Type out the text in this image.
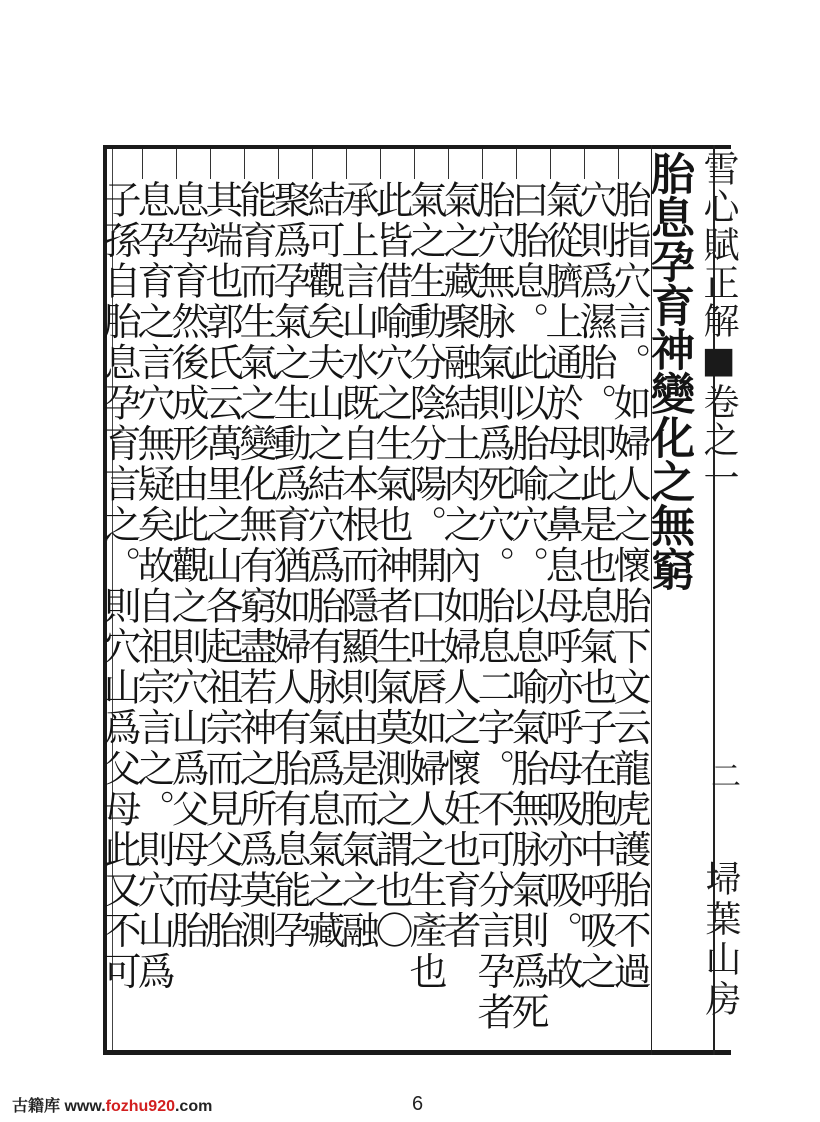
胎息孕育神變化之無窮
胎指穴言。如婦人之懷胎下文云龍虎護胎不過
穴則爲濕胎。即此是也息氣也子在胞中呼吸之
氣從臍上通於母之鼻息母呼亦呼母吸亦吸。故
曰胎息。此以胎喻穴。以息喻氣胎無脉氣則爲死
胎穴無脉氣則爲死穴。胎息二字。不可分言孕者
氣之藏聚融結土肉之內如婦人之懷妊也育者
氣之生動分陰分陽。開口吐唇如婦人之生產也
此皆借喻穴之生氣也神者生氣莫測之謂也〇
承上言山水既自本根而隱顯則由是而氣之融
結可觀矣夫山之結穴爲胎有脉氣爲息氣之藏
聚爲孕氣之生動爲育猶如婦人有胎有息能孕
能育而生氣之變化無有窮盡若神之所爲莫測
其端也郭氏云萬里之山各起祖宗而見父母胎
息孕育然後成形由此觀之則穴山爲父母而胎
息孕育之言穴無疑矣故自祖宗言之。則穴山爲
子孫自胎息孕育言之。則穴山爲父母此又不可	雪心賦正解■卷之一
二
埽葉山房
古籍库 www.fozhu920.com	6
